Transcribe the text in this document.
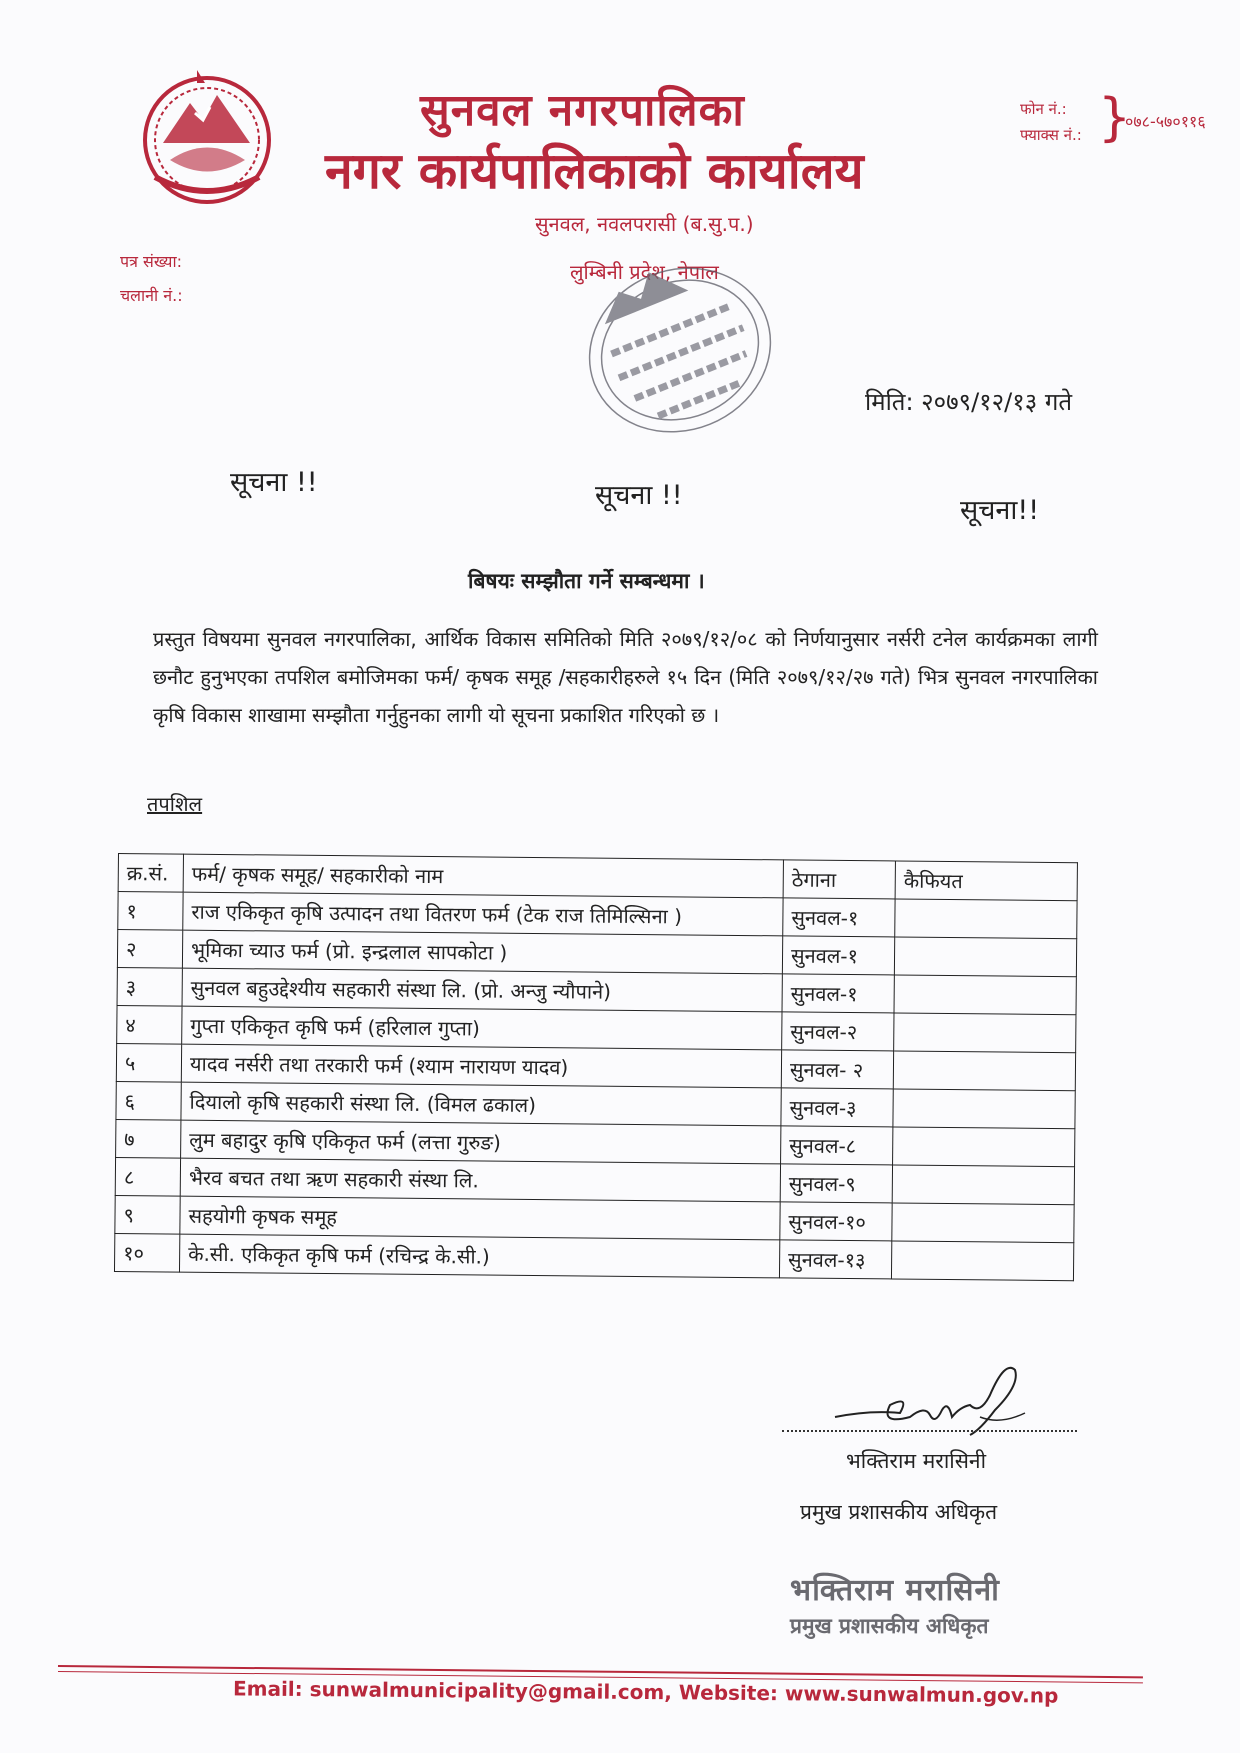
सुनवल नगरपालिका
नगर कार्यपालिकाको कार्यालय
सुनवल, नवलपरासी (ब.सु.प.)
लुम्बिनी प्रदेश, नेपाल
फोन नं.:
फ्याक्स नं.: }
०७८-५७०११६
पत्र संख्या:
चलानी नं.:
मिति: २०७९/१२/१३ गते
सूचना !!	सूचना !!	सूचना!!
बिषयः सम्झौता गर्ने सम्बन्धमा ।
प्रस्तुत विषयमा सुनवल नगरपालिका, आर्थिक विकास समितिको मिति २०७९/१२/०८ को निर्णयानुसार नर्सरी टनेल कार्यक्रमका लागी छनौट हुनुभएका तपशिल बमोजिमका फर्म/ कृषक समूह /सहकारीहरुले १५ दिन (मिति २०७९/१२/२७ गते) भित्र सुनवल नगरपालिका कृषि विकास शाखामा सम्झौता गर्नुहुनका लागी यो सूचना प्रकाशित गरिएको छ ।
तपशिल
क्र.सं.	फर्म/ कृषक समूह/ सहकारीको नाम	ठेगाना	कैफियत
१	राज एकिकृत कृषि उत्पादन तथा वितरण फर्म (टेक राज तिमिल्सिना )	सुनवल-१	
२	भूमिका च्याउ फर्म (प्रो. इन्द्रलाल सापकोटा )	सुनवल-१	
३	सुनवल बहुउद्देश्यीय सहकारी संस्था लि. (प्रो. अन्जु न्यौपाने)	सुनवल-१	
४	गुप्ता एकिकृत कृषि फर्म (हरिलाल गुप्ता)	सुनवल-२	
५	यादव नर्सरी तथा तरकारी फर्म (श्याम नारायण यादव)	सुनवल- २	
६	दियालो कृषि सहकारी संस्था लि. (विमल ढकाल)	सुनवल-३	
७	लुम बहादुर कृषि एकिकृत फर्म (लत्ता गुरुङ)	सुनवल-८	
८	भैरव बचत तथा ऋण सहकारी संस्था लि.	सुनवल-९	
९	सहयोगी कृषक समूह	सुनवल-१०	
१०	के.सी. एकिकृत कृषि फर्म (रचिन्द्र के.सी.)	सुनवल-१३	
भक्तिराम मरासिनी
प्रमुख प्रशासकीय अधिकृत
भक्तिराम मरासिनी
प्रमुख प्रशासकीय अधिकृत
Email: sunwalmunicipality@gmail.com, Website: www.sunwalmun.gov.np
